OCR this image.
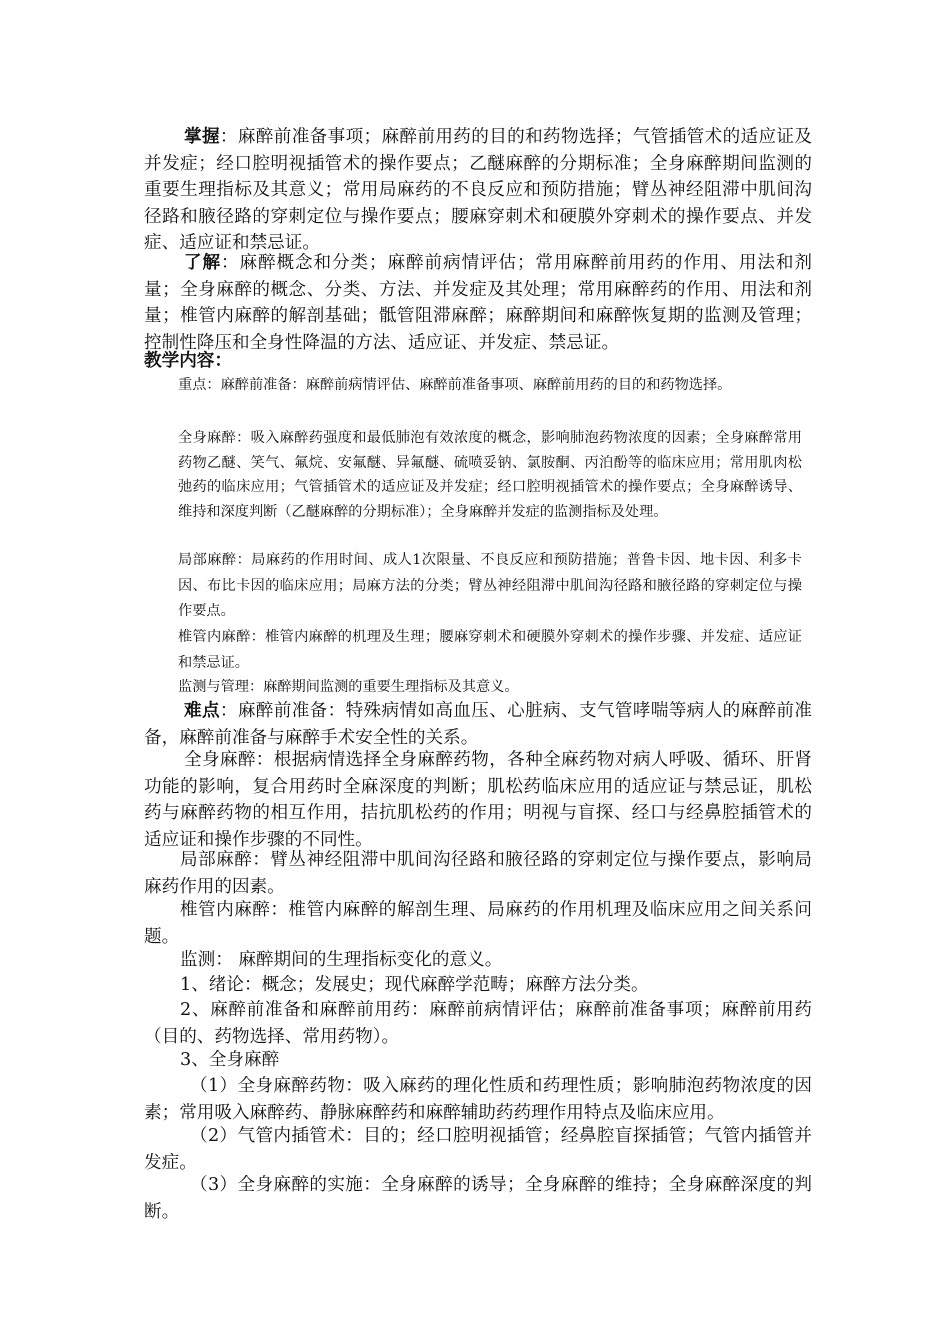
掌握：麻醉前准备事项；麻醉前用药的目的和药物选择；气管插管术的适应证及并发症；经口腔明视插管术的操作要点；乙醚麻醉的分期标准；全身麻醉期间监测的重要生理指标及其意义；常用局麻药的不良反应和预防措施；臂丛神经阻滞中肌间沟径路和腋径路的穿刺定位与操作要点；腰麻穿刺术和硬膜外穿刺术的操作要点、并发症、适应证和禁忌证。

了解：麻醉概念和分类；麻醉前病情评估；常用麻醉前用药的作用、用法和剂量；全身麻醉的概念、分类、方法、并发症及其处理；常用麻醉药的作用、用法和剂量；椎管内麻醉的解剖基础；骶管阻滞麻醉；麻醉期间和麻醉恢复期的监测及管理；控制性降压和全身性降温的方法、适应证、并发症、禁忌证。

教学内容：

重点：麻醉前准备：麻醉前病情评估、麻醉前准备事项、麻醉前用药的目的和药物选择。

全身麻醉：吸入麻醉药强度和最低肺泡有效浓度的概念，影响肺泡药物浓度的因素；全身麻醉常用药物乙醚、笑气、氟烷、安氟醚、异氟醚、硫喷妥钠、氯胺酮、丙泊酚等的临床应用；常用肌肉松弛药的临床应用；气管插管术的适应证及并发症；经口腔明视插管术的操作要点；全身麻醉诱导、维持和深度判断（乙醚麻醉的分期标准）；全身麻醉并发症的监测指标及处理。

局部麻醉：局麻药的作用时间、成人1次限量、不良反应和预防措施；普鲁卡因、地卡因、利多卡因、布比卡因的临床应用；局麻方法的分类；臂丛神经阻滞中肌间沟径路和腋径路的穿刺定位与操作要点。

椎管内麻醉：椎管内麻醉的机理及生理；腰麻穿刺术和硬膜外穿刺术的操作步骤、并发症、适应证和禁忌证。

监测与管理：麻醉期间监测的重要生理指标及其意义。

难点：麻醉前准备：特殊病情如高血压、心脏病、支气管哮喘等病人的麻醉前准备，麻醉前准备与麻醉手术安全性的关系。

全身麻醉：根据病情选择全身麻醉药物，各种全麻药物对病人呼吸、循环、肝肾功能的影响，复合用药时全麻深度的判断；肌松药临床应用的适应证与禁忌证，肌松药与麻醉药物的相互作用，拮抗肌松药的作用；明视与盲探、经口与经鼻腔插管术的适应证和操作步骤的不同性。

局部麻醉：臂丛神经阻滞中肌间沟径路和腋径路的穿刺定位与操作要点，影响局麻药作用的因素。

椎管内麻醉：椎管内麻醉的解剖生理、局麻药的作用机理及临床应用之间关系问题。

监测： 麻醉期间的生理指标变化的意义。

1、绪论：概念；发展史；现代麻醉学范畴；麻醉方法分类。

2、麻醉前准备和麻醉前用药：麻醉前病情评估；麻醉前准备事项；麻醉前用药（目的、药物选择、常用药物）。

3、全身麻醉

（1）全身麻醉药物：吸入麻药的理化性质和药理性质；影响肺泡药物浓度的因素；常用吸入麻醉药、静脉麻醉药和麻醉辅助药药理作用特点及临床应用。

（2）气管内插管术：目的；经口腔明视插管；经鼻腔盲探插管；气管内插管并发症。

（3）全身麻醉的实施：全身麻醉的诱导；全身麻醉的维持；全身麻醉深度的判断。
